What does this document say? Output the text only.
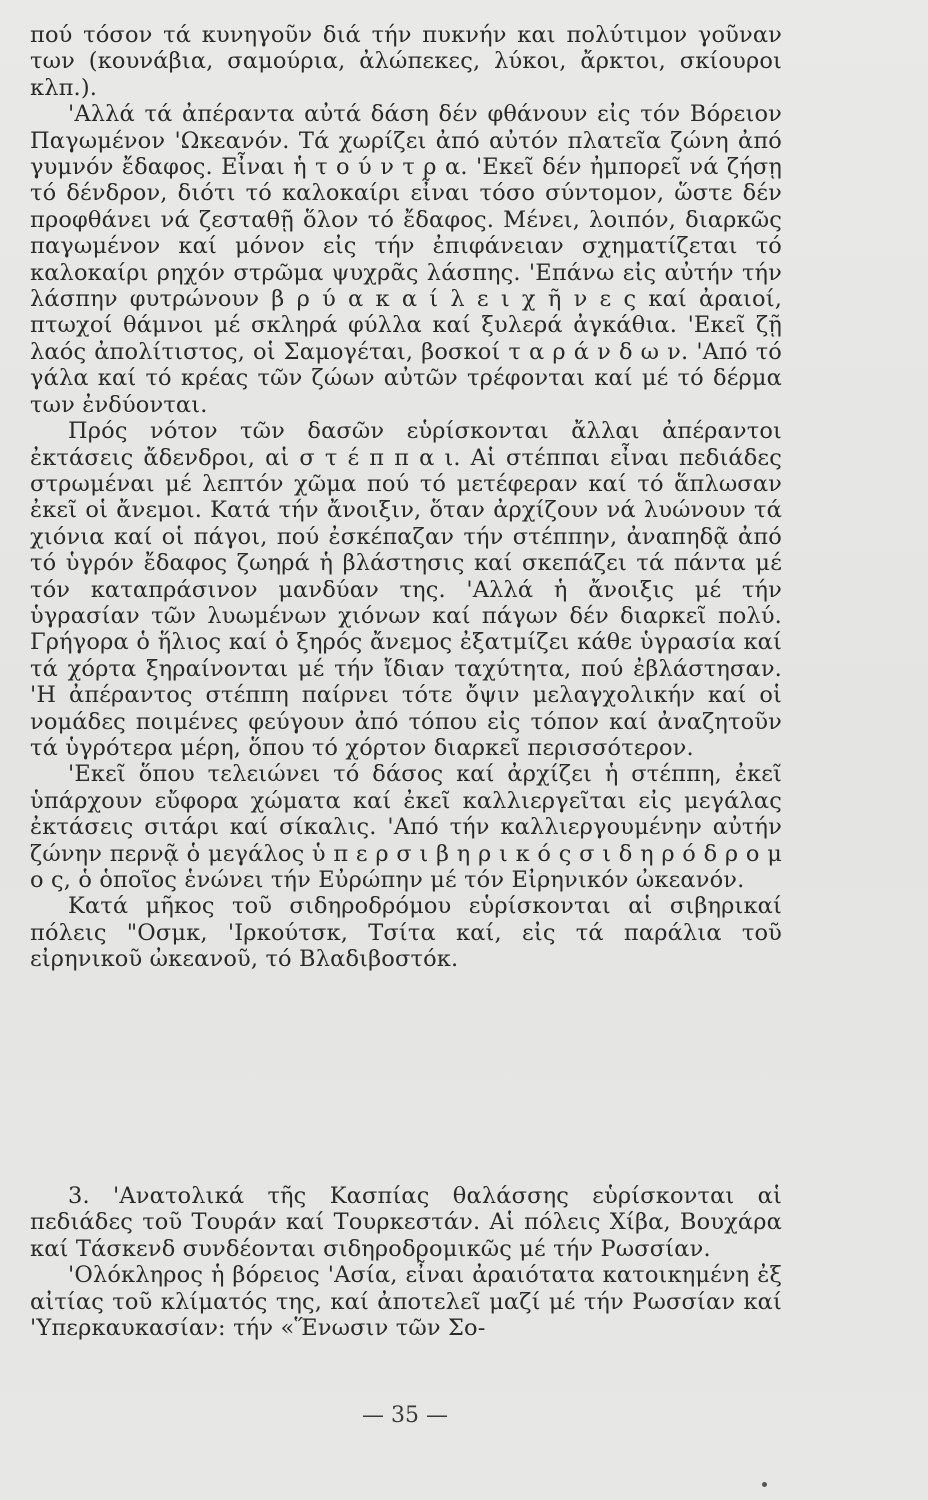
πού τόσον τά κυνηγοῦν διά τήν πυκνήν και πολύτιμον γοῦναν των (κουνάβια, σαμούρια, ἀλώπεκες, λύκοι, ἄρκτοι, σκίουροι κλπ.).

'Αλλά τά ἀπέραντα αὐτά δάση δέν φθάνουν εἰς τόν Βόρειον Παγωμένον 'Ωκεανόν. Τά χωρίζει ἀπό αὐτόν πλατεῖα ζώνη ἀπό γυμνόν ἔδαφος. Εἶναι ἡ τ ο ύ ν τ ρ α. 'Εκεῖ δέν ἠμπορεῖ νά ζήσῃ τό δένδρον, διότι τό καλοκαίρι εἶναι τόσο σύντομον, ὥστε δέν προφθάνει νά ζεσταθῇ ὅλον τό ἔδαφος. Μένει, λοιπόν, διαρκῶς παγωμένον καί μόνον εἰς τήν ἐπιφάνειαν σχηματίζεται τό καλοκαίρι ρηχόν στρῶμα ψυχρᾶς λάσπης. 'Επάνω εἰς αὐτήν τήν λάσπην φυτρώνουν β ρ ύ α κ α ί λ ε ι χ ῆ ν ε ς καί ἀραιοί, πτωχοί θάμνοι μέ σκληρά φύλλα καί ξυλερά ἀγκάθια. 'Εκεῖ ζῇ λαός ἀπολίτιστος, οἱ Σαμογέται, βοσκοί τ α ρ ά ν δ ω ν. 'Από τό γάλα καί τό κρέας τῶν ζώων αὐτῶν τρέφονται καί μέ τό δέρμα των ἐνδύονται.

Πρός νότον τῶν δασῶν εὑρίσκονται ἄλλαι ἀπέραντοι ἐκτάσεις ἄδενδροι, αἱ σ τ έ π π α ι. Αἱ στέππαι εἶναι πεδιάδες στρωμέναι μέ λεπτόν χῶμα πού τό μετέφεραν καί τό ἅπλωσαν ἐκεῖ οἱ ἄνεμοι. Κατά τήν ἄνοιξιν, ὅταν ἀρχίζουν νά λυώνουν τά χιόνια καί οἱ πάγοι, πού ἐσκέπαζαν τήν στέππην, ἀναπηδᾷ ἀπό τό ὑγρόν ἔδαφος ζωηρά ἡ βλάστησις καί σκεπάζει τά πάντα μέ τόν καταπράσινον μανδύαν της. 'Αλλά ἡ ἄνοιξις μέ τήν ὑγρασίαν τῶν λυωμένων χιόνων καί πάγων δέν διαρκεῖ πολύ. Γρήγορα ὁ ἥλιος καί ὁ ξηρός ἄνεμος ἐξατμίζει κάθε ὑγρασία καί τά χόρτα ξηραίνονται μέ τήν ἴδιαν ταχύτητα, πού ἐβλάστησαν. 'Η ἀπέραντος στέππη παίρνει τότε ὄψιν μελαγχολικήν καί οἱ νομάδες ποιμένες φεύγουν ἀπό τόπου εἰς τόπον καί ἀναζητοῦν τά ὑγρότερα μέρη, ὅπου τό χόρτον διαρκεῖ περισσότερον.

'Εκεῖ ὅπου τελειώνει τό δάσος καί ἀρχίζει ἡ στέππη, ἐκεῖ ὑπάρχουν εὔφορα χώματα καί ἐκεῖ καλλιεργεῖται εἰς μεγάλας ἐκτάσεις σιτάρι καί σίκαλις. 'Από τήν καλλιεργουμένην αὐτήν ζώνην περνᾷ ὁ μεγάλος ὑ π ε ρ σ ι β η ρ ι κ ό ς σ ι δ η ρ ό δ ρ ο μ ο ς, ὁ ὁποῖος ἑνώνει τήν Εὐρώπην μέ τόν Εἰρηνικόν ὠκεανόν.

Κατά μῆκος τοῦ σιδηροδρόμου εὑρίσκονται αἱ σιβηρικαί πόλεις "Οσμκ, 'Ιρκούτσκ, Τσίτα καί, εἰς τά παράλια τοῦ εἰρηνικοῦ ὠκεανοῦ, τό Βλαδιβοστόκ.

3. 'Ανατολικά τῆς Κασπίας θαλάσσης εὑρίσκονται αἱ πεδιάδες τοῦ Τουράν καί Τουρκεστάν. Αἱ πόλεις Χίβα, Βουχάρα καί Τάσκενδ συνδέονται σιδηροδρομικῶς μέ τήν Ρωσσίαν.

'Ολόκληρος ἡ βόρειος 'Ασία, εἶναι ἀραιότατα κατοικημένη ἐξ αἰτίας τοῦ κλίματός της, καί ἀποτελεῖ μαζί μέ τήν Ρωσσίαν καί 'Υπερκαυκασίαν: τήν «Ἕνωσιν τῶν Σο-

— 35 —
